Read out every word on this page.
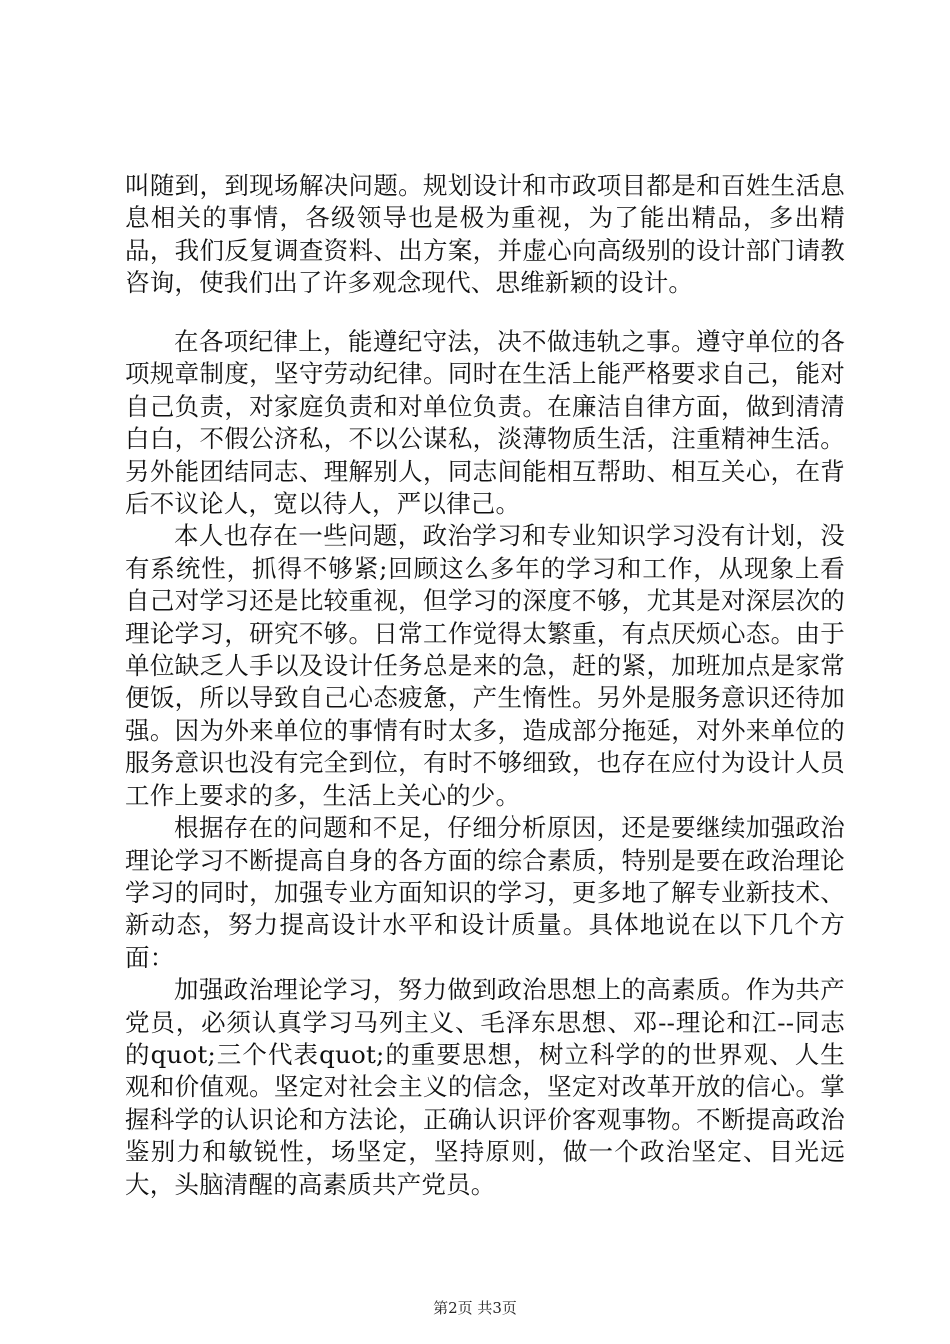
叫随到，到现场解决问题。规划设计和市政项目都是和百姓生活息息相关的事情，各级领导也是极为重视，为了能出精品，多出精品，我们反复调查资料、出方案，并虚心向高级别的设计部门请教咨询，使我们出了许多观念现代、思维新颖的设计。

在各项纪律上，能遵纪守法，决不做违轨之事。遵守单位的各项规章制度，坚守劳动纪律。同时在生活上能严格要求自己，能对自己负责，对家庭负责和对单位负责。在廉洁自律方面，做到清清白白，不假公济私，不以公谋私，淡薄物质生活，注重精神生活。另外能团结同志、理解别人，同志间能相互帮助、相互关心，在背后不议论人，宽以待人，严以律己。

本人也存在一些问题，政治学习和专业知识学习没有计划，没有系统性，抓得不够紧;回顾这么多年的学习和工作，从现象上看自己对学习还是比较重视，但学习的深度不够，尤其是对深层次的理论学习，研究不够。日常工作觉得太繁重，有点厌烦心态。由于单位缺乏人手以及设计任务总是来的急，赶的紧，加班加点是家常便饭，所以导致自己心态疲惫，产生惰性。另外是服务意识还待加强。因为外来单位的事情有时太多，造成部分拖延，对外来单位的服务意识也没有完全到位，有时不够细致，也存在应付为设计人员工作上要求的多，生活上关心的少。

根据存在的问题和不足，仔细分析原因，还是要继续加强政治理论学习不断提高自身的各方面的综合素质，特别是要在政治理论学习的同时，加强专业方面知识的学习，更多地了解专业新技术、新动态，努力提高设计水平和设计质量。具体地说在以下几个方面：

加强政治理论学习，努力做到政治思想上的高素质。作为共产党员，必须认真学习马列主义、毛泽东思想、邓--理论和江--同志的quot;三个代表quot;的重要思想，树立科学的的世界观、人生观和价值观。坚定对社会主义的信念，坚定对改革开放的信心。掌握科学的认识论和方法论，正确认识评价客观事物。不断提高政治鉴别力和敏锐性，场坚定，坚持原则，做一个政治坚定、目光远大，头脑清醒的高素质共产党员。

第2页 共3页
